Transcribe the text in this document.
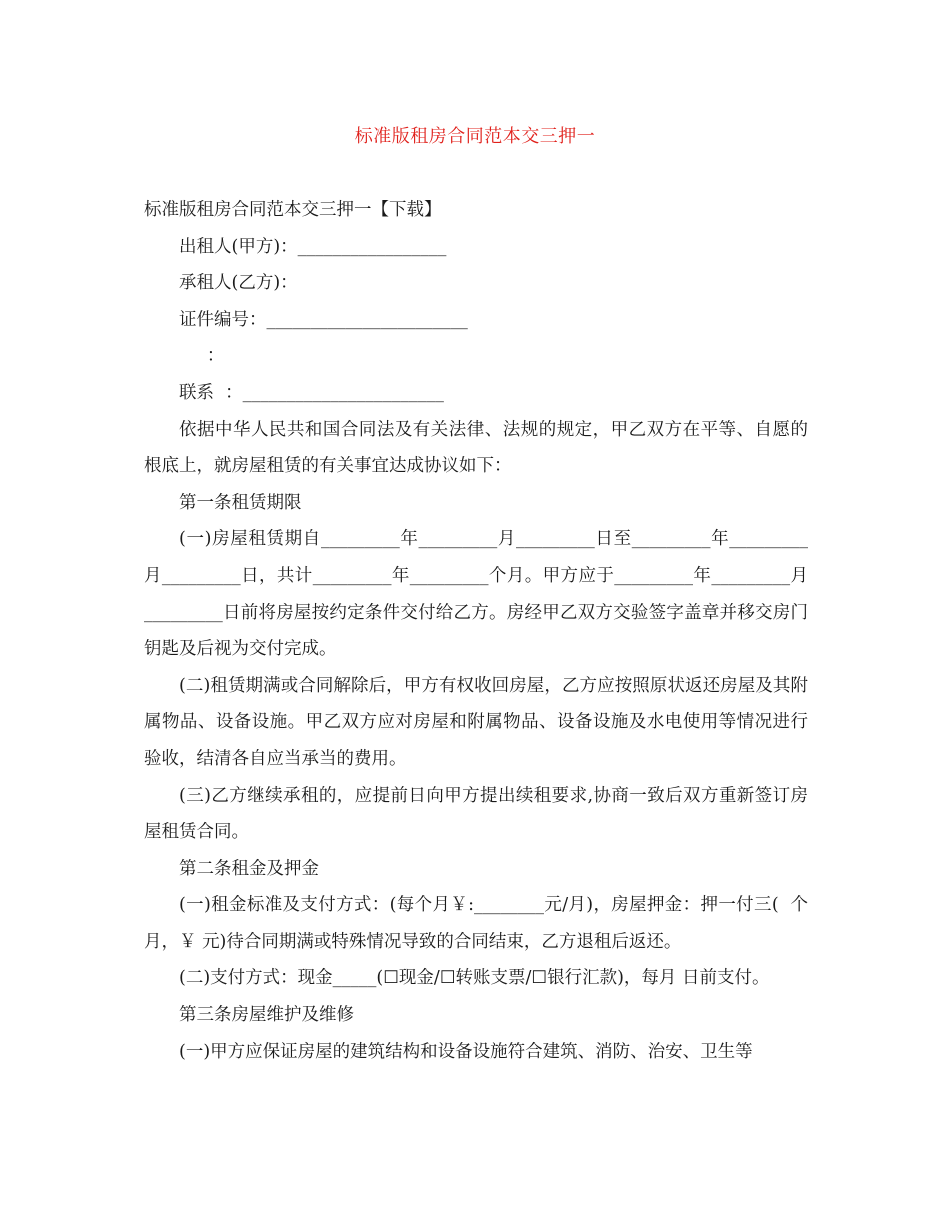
标准版租房合同范本交三押一

标准版租房合同范本交三押一【下载】

出租人(甲方)：_________________

承租人(乙方)：

证件编号：_______________________

：

联系  ：_______________________

依据中华人民共和国合同法及有关法律、法规的规定，甲乙双方在平等、自愿的根底上，就房屋租赁的有关事宜达成协议如下：

第一条租赁期限

(一)房屋租赁期自_________年_________月_________日至_________年_________月_________日，共计_________年_________个月。甲方应于_________年_________月_________日前将房屋按约定条件交付给乙方。房经甲乙双方交验签字盖章并移交房门钥匙及后视为交付完成。

(二)租赁期满或合同解除后，甲方有权收回房屋，乙方应按照原状返还房屋及其附属物品、设备设施。甲乙双方应对房屋和附属物品、设备设施及水电使用等情况进行验收，结清各自应当承当的费用。

(三)乙方继续承租的，应提前日向甲方提出续租要求,协商一致后双方重新签订房屋租赁合同。

第二条租金及押金

(一)租金标准及支付方式：(每个月￥:________元/月)，房屋押金：押一付三(  个月，￥ 元)待合同期满或特殊情况导致的合同结束，乙方退租后返还。

(二)支付方式：现金_____(☐现金/☐转账支票/☐银行汇款)，每月 日前支付。

第三条房屋维护及维修

(一)甲方应保证房屋的建筑结构和设备设施符合建筑、消防、治安、卫生等
